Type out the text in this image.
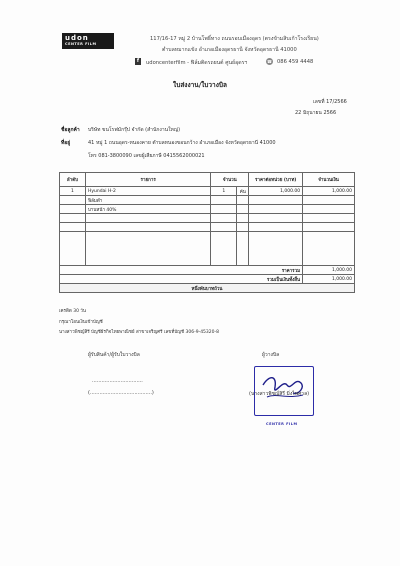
udon
CENTER FILM
117/16-17 หมู่ 2 บ้านโพธิ์ทาง ถนนรอบเมืองอุดร (ตรงข้ามสิบเก้าโรงเรียน)
ตำบลหมากแข้ง อำเภอเมืองอุดรธานี จังหวัดอุดรธานี 41000
f	udoncenterfilm - ฟิล์มติดรถยนต์ ศูนย์อุดรฯ	☎ 086 459 4448
ใบส่งงาน/ใบวางบิล
เลขที่ 17/2566
22 มิถุนายน 2566
ชื่อลูกค้า บริษัท ขนโรฟมักรุ๊ป จำกัด (สำนักงานใหญ่)
ที่อยู่	41 หมู่ 1 ถนนอุดร-หนองคาย ตำบลหนองขอนกว้าง อำเภอเมือง จังหวัดอุดรธานี 41000
โทร 081-3800090 เลขผู้เสียภาษี 0415562000021
ลำดับ	รายการ	จำนวน		ราคาต่อหน่วย (บาท)	จำนวนเงิน
1	Hyundai H-2	1	คัน	1,000.00	1,000.00
	ฟิล์มดำ				
	บานหน้า 40%				

ราคารวม					1,000.00
รวมเป็นเงินทั้งสิ้น					1,000.00
หนึ่งพันบาทถ้วน					
เครดิต 30 วัน
กรุณาโอนเงินเข้าบัญชี
นางสาวพิชญ์สิรี บัญชีธีรกิจไทยพาณิชย์ สาขาเจริญศรี เลขที่บัญชี 306-9-45320-8
ผู้รับสินค้า/ผู้รับใบวางบิล	ผู้วางบิล
................................
(.......................................)	(นางสาวพิชญ์สิรี มิ่งไพศาล)
CENTER FILM
